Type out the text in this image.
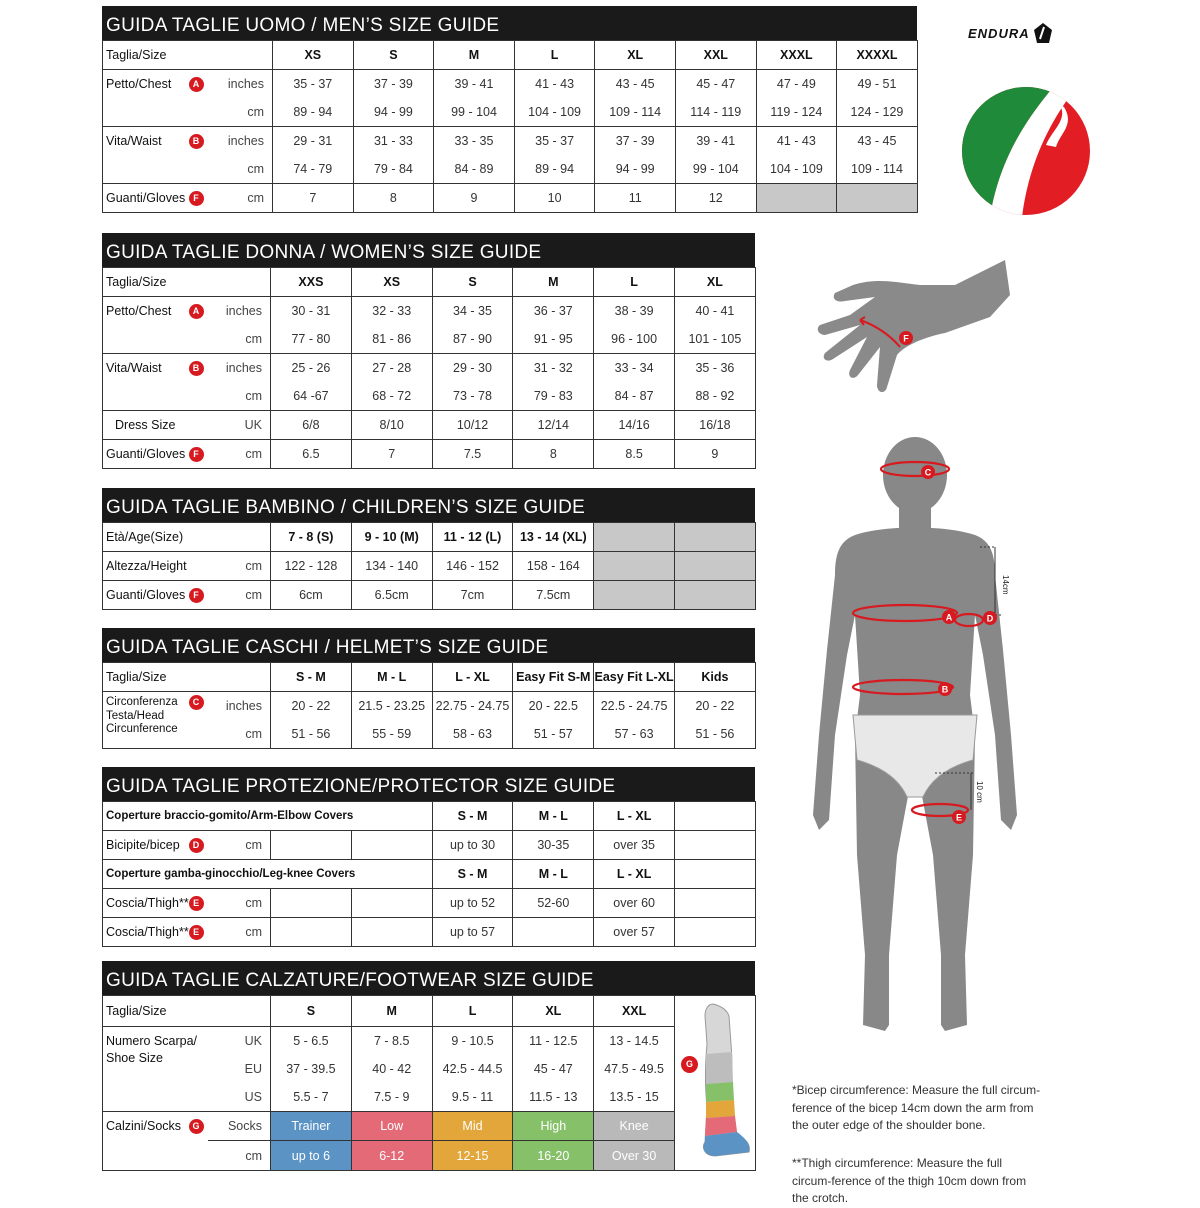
ENDURA
GUIDA TAGLIE UOMO / MEN’S SIZE GUIDE
Taglia/Size		XS	S	M	L	XL	XXL	XXXL	XXXXL

Petto/Chest A	inches	35 - 37	37 - 39	39 - 41	41 - 43	43 - 45	45 - 47	47 - 49	49 - 51
	cm	89 - 94	94 - 99	99 - 104	104 - 109	109 - 114	114 - 119	119 - 124	124 - 129

Vita/Waist B	inches	29 - 31	31 - 33	33 - 35	35 - 37	37 - 39	39 - 41	41 - 43	43 - 45
	cm	74 - 79	79 - 84	84 - 89	89 - 94	94 - 99	99 - 104	104 - 109	109 - 114

Guanti/Gloves F	cm	7	8	9	10	11	12		
GUIDA TAGLIE DONNA / WOMEN’S SIZE GUIDE
Taglia/Size		XXS	XS	S	M	L	XL

Petto/Chest A	inches	30 - 31	32 - 33	34 - 35	36 - 37	38 - 39	40 - 41
	cm	77 - 80	81 - 86	87 - 90	91 - 95	96 - 100	101 - 105

Vita/Waist B	inches	25 - 26	27 - 28	29 - 30	31 - 32	33 - 34	35 - 36
	cm	64 -67	68 - 72	73 - 78	79 - 83	84 - 87	88 - 92
Dress Size	UK	6/8	8/10	10/12	12/14	14/16	16/18

Guanti/Gloves F	cm	6.5	7	7.5	8	8.5	9
GUIDA TAGLIE BAMBINO / CHILDREN’S SIZE GUIDE
Età/Age(Size)		7 - 8 (S)	9 - 10 (M)	11 - 12 (L)	13 - 14 (XL)		
Altezza/Height	cm	122 - 128	134 - 140	146 - 152	158 - 164		

Guanti/Gloves F	cm	6cm	6.5cm	7cm	7.5cm		
GUIDA TAGLIE CASCHI / HELMET’S SIZE GUIDE
Taglia/Size		S - M	M - L	L - XL	Easy Fit S-M	Easy Fit L-XL	Kids

Circonferenza C
Testa/Head
Circunference	inches	20 - 22	21.5 - 23.25	22.75 - 24.75	20 - 22.5	22.5 - 24.75	20 - 22
	cm	51 - 56	55 - 59	58 - 63	51 - 57	57 - 63	51 - 56
GUIDA TAGLIE PROTEZIONE/PROTECTOR SIZE GUIDE
Coperture braccio-gomito/Arm-Elbow Covers				S - M	M - L	L - XL	

Bicipite/bicep D	cm			up to 30	30-35	over 35	
Coperture gamba-ginocchio/Leg-knee Covers				S - M	M - L	L - XL	

Coscia/Thigh** E	cm			up to 52	52-60	over 60	

Coscia/Thigh** E	cm			up to 57		over 57	
GUIDA TAGLIE CALZATURE/FOOTWEAR SIZE GUIDE
Taglia/Size		S	M	L	XL	XXL	G

Numero Scarpa/
Shoe Size	UK	5 - 6.5	7 - 8.5	9 - 10.5	11 - 12.5	13 - 14.5	
	EU	37 - 39.5	40 - 42	42.5 - 44.5	45 - 47	47.5 - 49.5	
	US	5.5 - 7	7.5 - 9	9.5 - 11	11.5 - 13	13.5 - 15	

Calzini/Socks G	Socks	Trainer	Low	Mid	High	Knee	
	cm	up to 6	6-12	12-15	16-20	Over 30	
F
14cm
10 cm
C
A	D
B
E
*Bicep circumference: Measure the full circum-ference of the bicep 14cm down the arm from the outer edge of the shoulder bone.
**Thigh circumference: Measure the full circum-ference of the thigh 10cm down from the crotch.
